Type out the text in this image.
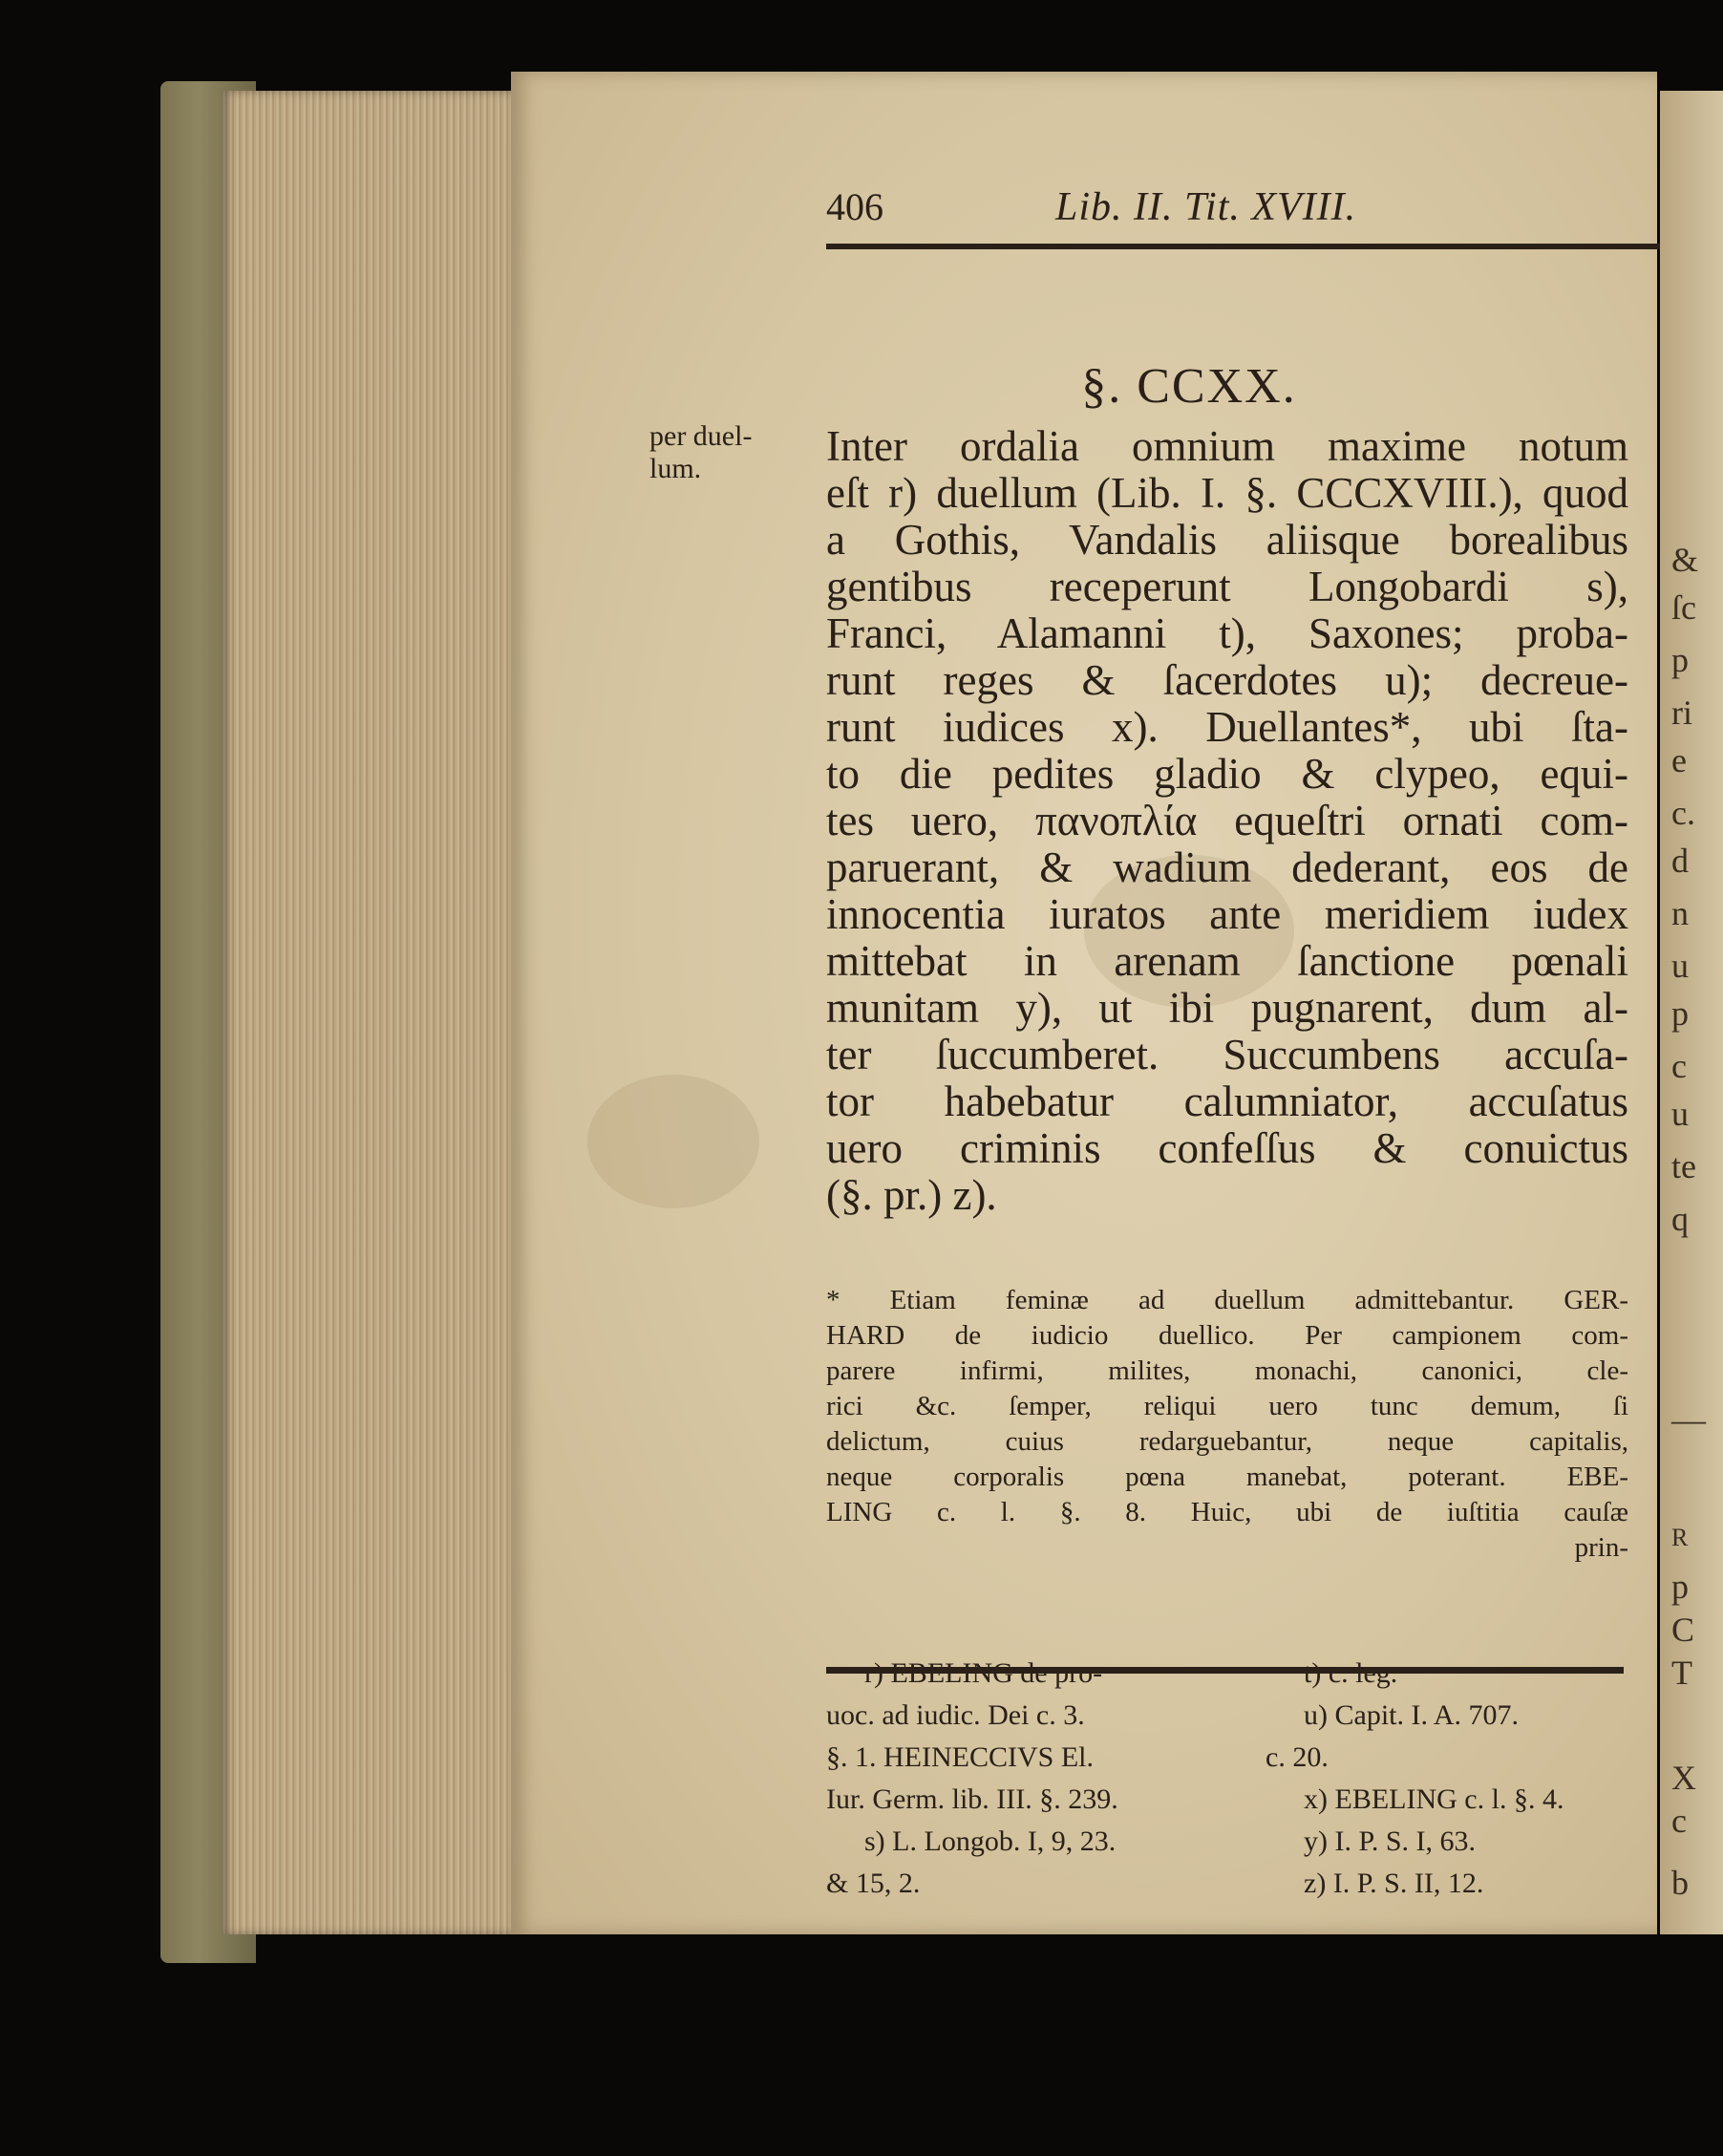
406	Lib. II. Tit. XVIII.
§. CCXX.
per duel-
lum.	Inter ordalia omnium maxime notum
eſt r) duellum (Lib. I. §. CCCXVIII.), quod
a Gothis, Vandalis aliisque borealibus
gentibus receperunt Longobardi s),
Franci, Alamanni t), Saxones; proba-
runt reges & ſacerdotes u); decreue-
runt iudices x). Duellantes*, ubi ſta-
to die pedites gladio & clypeo, equi-
tes uero, πανοπλία equeſtri ornati com-
paruerant, & wadium dederant, eos de
innocentia iuratos ante meridiem iudex
mittebat in arenam ſanctione pœnali
munitam y), ut ibi pugnarent, dum al-
ter ſuccumberet. Succumbens accuſa-
tor habebatur calumniator, accuſatus
uero criminis confeſſus & conuictus
(§. pr.) z).
* Etiam feminæ ad duellum admittebantur. GER-
HARD de iudicio duellico. Per campionem com-
parere infirmi, milites, monachi, canonici, cle-
rici &c. ſemper, reliqui uero tunc demum, ſi
delictum, cuius redarguebantur, neque capitalis,
neque corporalis pœna manebat, poterant. EBE-
LING c. l. §. 8. Huic, ubi de iuſtitia cauſæ
prin-
r) EBELING de pro-
uoc. ad iudic. Dei c. 3.
§. 1. HEINECCIVS El.
Iur. Germ. lib. III. §. 239.
s) L. Longob. I, 9, 23.
& 15, 2.
t) c. leg.
u) Capit. I. A. 707.
c. 20.
x) EBELING c. l. §. 4.
y) I. P. S. I, 63.
z) I. P. S. II, 12.
&
ſc
p
ri
e
c.
d
n
u
p
c
u
te
q
—
R
p
C
T
X
c
b
